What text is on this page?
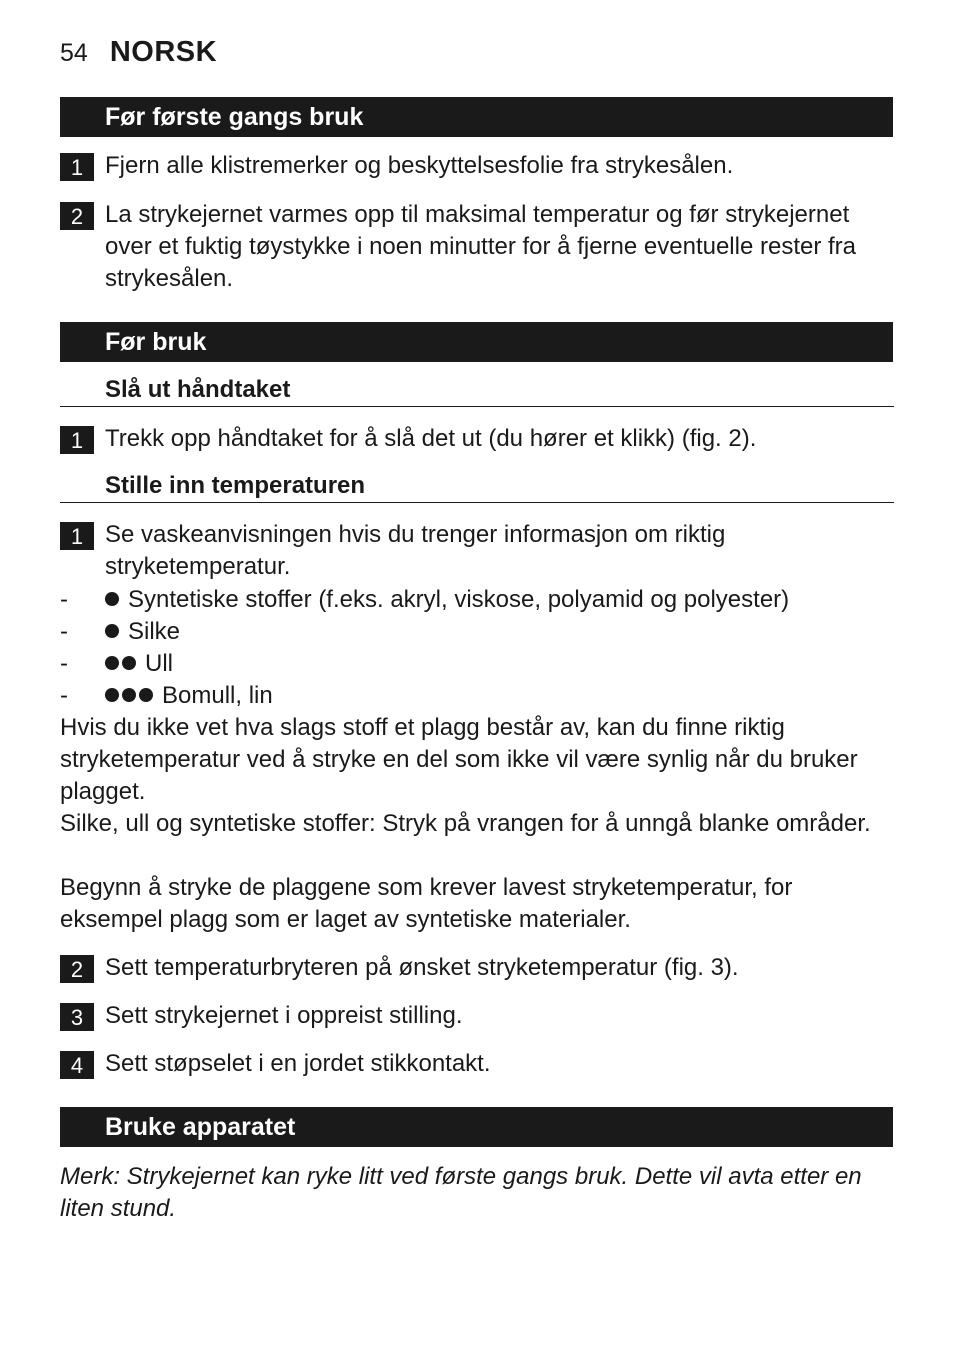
54 NORSK
Før første gangs bruk
1 Fjern alle klistremerker og beskyttelsesfolie fra strykesålen.
2 La strykejernet varmes opp til maksimal temperatur og før strykejernet over et fuktig tøystykke i noen minutter for å fjerne eventuelle rester fra strykesålen.
Før bruk
Slå ut håndtaket
1 Trekk opp håndtaket for å slå det ut (du hører et klikk) (fig. 2).
Stille inn temperaturen
1 Se vaskeanvisningen hvis du trenger informasjon om riktig stryketemperatur.
-	Syntetiske stoffer (f.eks. akryl, viskose, polyamid og polyester)
-	Silke
-	Ull
-	Bomull, lin
Hvis du ikke vet hva slags stoff et plagg består av, kan du finne riktig stryketemperatur ved å stryke en del som ikke vil være synlig når du bruker plagget.
Silke, ull og syntetiske stoffer: Stryk på vrangen for å unngå blanke områder.
Begynn å stryke de plaggene som krever lavest stryketemperatur, for eksempel plagg som er laget av syntetiske materialer.
2 Sett temperaturbryteren på ønsket stryketemperatur (fig. 3).
3 Sett strykejernet i oppreist stilling.
4 Sett støpselet i en jordet stikkontakt.
Bruke apparatet
Merk: Strykejernet kan ryke litt ved første gangs bruk. Dette vil avta etter en liten stund.
